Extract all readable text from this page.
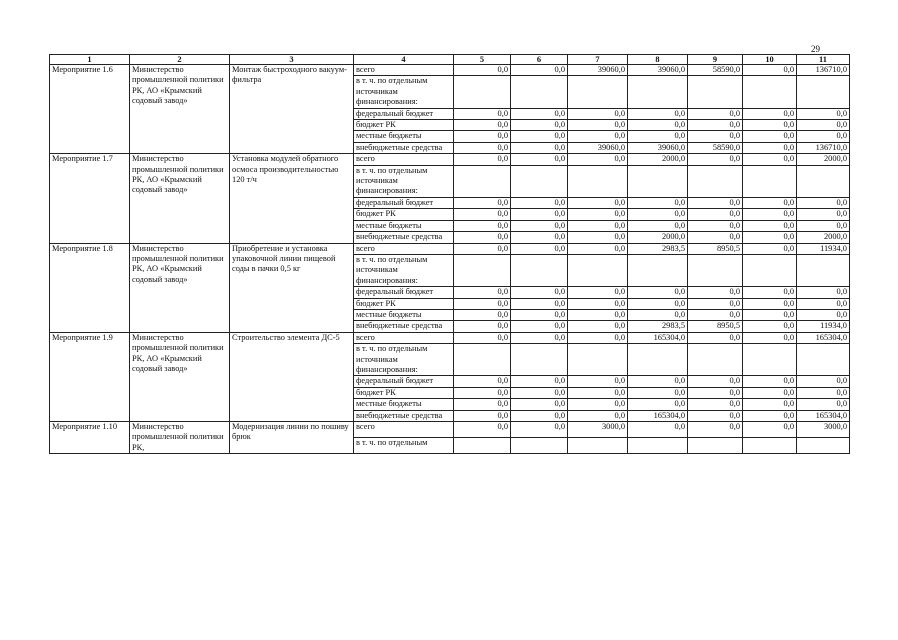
29
1	2	3	4	5	6	7	8	9	10	11
Мероприятие 1.6	Министерство промышленной политики РК, АО «Крымский содовый завод»	Монтаж быстроходного вакуум-фильтра	всего	0,0	0,0	39060,0	39060,0	58590,0	0,0	136710,0
			в т. ч. по отдельным источникам финансирования:							
			федеральный бюджет	0,0	0,0	0,0	0,0	0,0	0,0	0,0
			бюджет РК	0,0	0,0	0,0	0,0	0,0	0,0	0,0
			местные бюджеты	0,0	0,0	0,0	0,0	0,0	0,0	0,0
			внебюджетные средства	0,0	0,0	39060,0	39060,0	58590,0	0,0	136710,0
Мероприятие 1.7	Министерство промышленной политики РК, АО «Крымский содовый завод»	Установка модулей обратного осмоса производительностью 120 т/ч	всего	0,0	0,0	0,0	2000,0	0,0	0,0	2000,0
			в т. ч. по отдельным источникам финансирования:							
			федеральный бюджет	0,0	0,0	0,0	0,0	0,0	0,0	0,0
			бюджет РК	0,0	0,0	0,0	0,0	0,0	0,0	0,0
			местные бюджеты	0,0	0,0	0,0	0,0	0,0	0,0	0,0
			внебюджетные средства	0,0	0,0	0,0	2000,0	0,0	0,0	2000,0
Мероприятие 1.8	Министерство промышленной политики РК, АО «Крымский содовый завод»	Приобретение и установка упаковочной линии пищевой соды в пачки 0,5 кг	всего	0,0	0,0	0,0	2983,5	8950,5	0,0	11934,0
			в т. ч. по отдельным источникам финансирования:							
			федеральный бюджет	0,0	0,0	0,0	0,0	0,0	0,0	0,0
			бюджет РК	0,0	0,0	0,0	0,0	0,0	0,0	0,0
			местные бюджеты	0,0	0,0	0,0	0,0	0,0	0,0	0,0
			внебюджетные средства	0,0	0,0	0,0	2983,5	8950,5	0,0	11934,0
Мероприятие 1.9	Министерство промышленной политики РК, АО «Крымский содовый завод»	Строительство элемента ДС-5	всего	0,0	0,0	0,0	165304,0	0,0	0,0	165304,0
			в т. ч. по отдельным источникам финансирования:							
			федеральный бюджет	0,0	0,0	0,0	0,0	0,0	0,0	0,0
			бюджет РК	0,0	0,0	0,0	0,0	0,0	0,0	0,0
			местные бюджеты	0,0	0,0	0,0	0,0	0,0	0,0	0,0
			внебюджетные средства	0,0	0,0	0,0	165304,0	0,0	0,0	165304,0
Мероприятие 1.10	Министерство промышленной политики РК,	Модернизация линии по пошиву брюк	всего	0,0	0,0	3000,0	0,0	0,0	0,0	3000,0
			в т. ч. по отдельным							
